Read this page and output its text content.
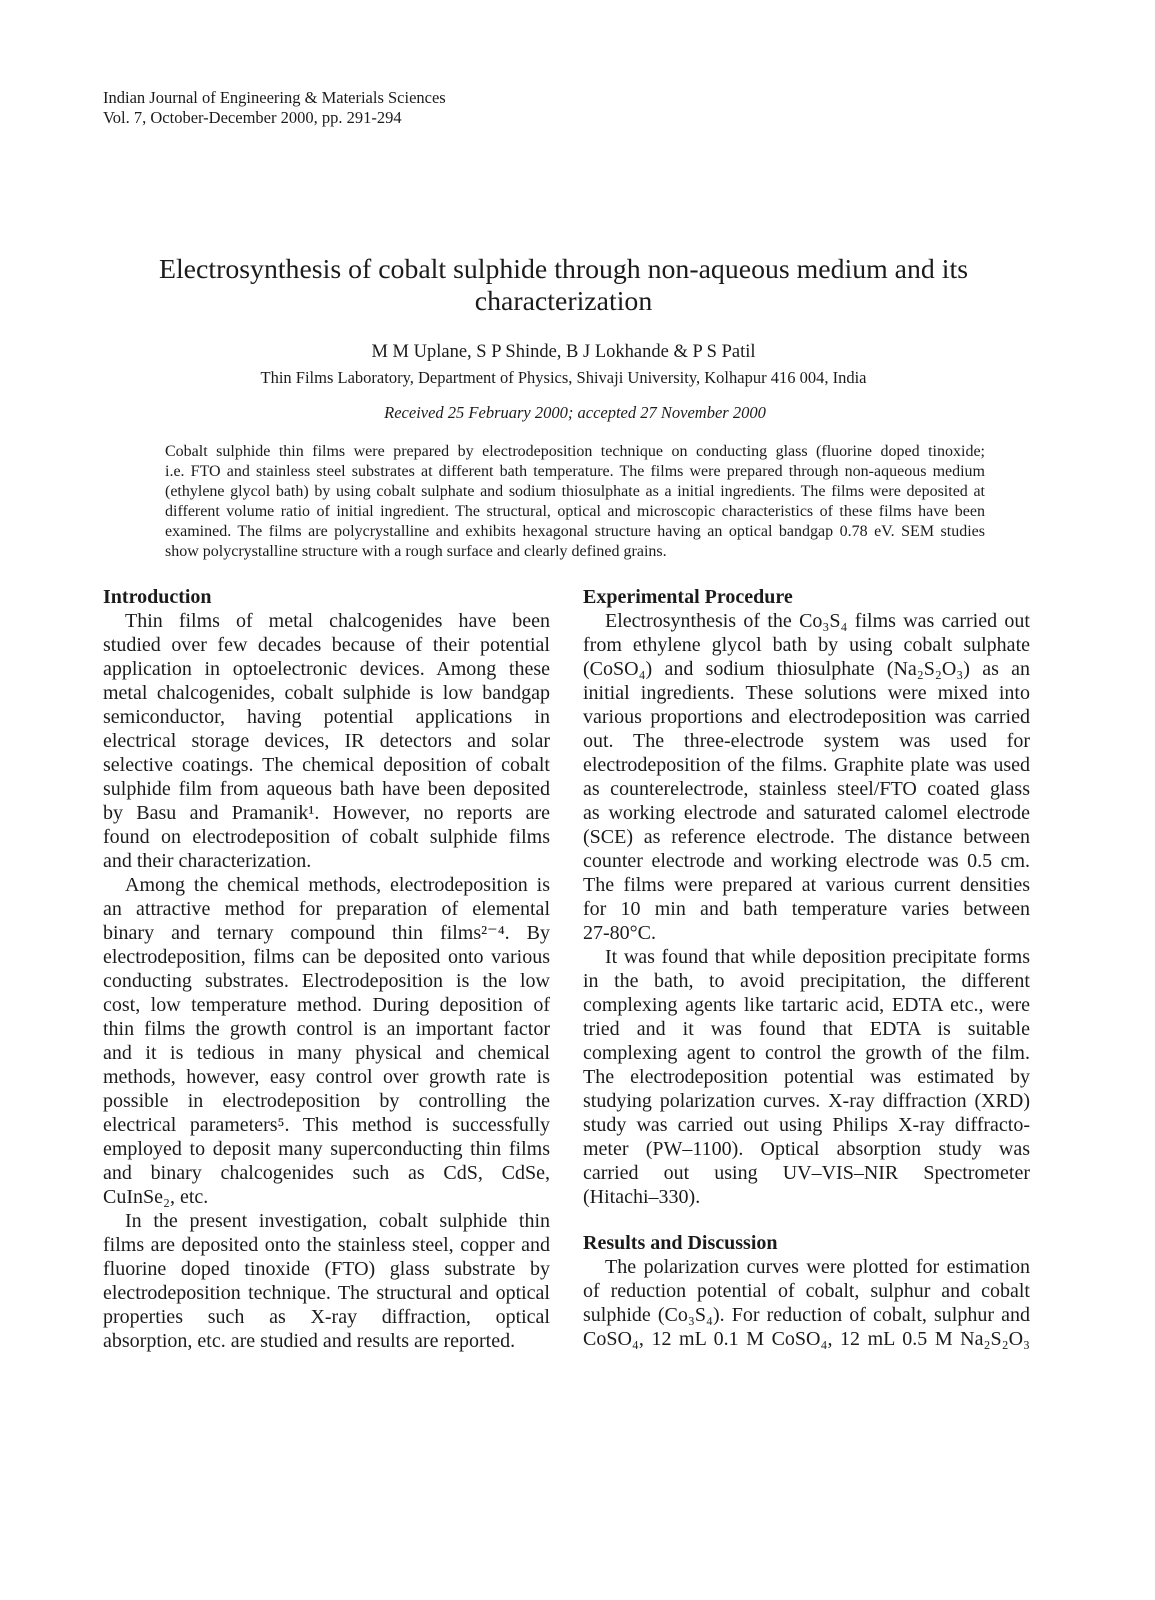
Indian Journal of Engineering & Materials Sciences
Vol. 7, October-December 2000, pp. 291-294
Electrosynthesis of cobalt sulphide through non-aqueous medium and its
characterization
M M Uplane, S P Shinde, B J Lokhande & P S Patil
Thin Films Laboratory, Department of Physics, Shivaji University, Kolhapur 416 004, India
Received 25 February 2000; accepted 27 November 2000
Cobalt sulphide thin films were prepared by electrodeposition technique on conducting glass (fluorine doped tinoxide;
i.e. FTO and stainless steel substrates at different bath temperature. The films were prepared through non-aqueous medium
(ethylene glycol bath) by using cobalt sulphate and sodium thiosulphate as a initial ingredients. The films were deposited at
different volume ratio of initial ingredient. The structural, optical and microscopic characteristics of these films have been
examined. The films are polycrystalline and exhibits hexagonal structure having an optical bandgap 0.78 eV. SEM studies
show polycrystalline structure with a rough surface and clearly defined grains.
Introduction
Thin films of metal chalcogenides have been
studied over few decades because of their potential
application in optoelectronic devices. Among these
metal chalcogenides, cobalt sulphide is low bandgap
semiconductor, having potential applications in
electrical storage devices, IR detectors and solar
selective coatings. The chemical deposition of cobalt
sulphide film from aqueous bath have been deposited
by Basu and Pramanik¹. However, no reports are
found on electrodeposition of cobalt sulphide films
and their characterization.
Among the chemical methods, electrodeposition is
an attractive method for preparation of elemental
binary and ternary compound thin films²⁻⁴. By
electrodeposition, films can be deposited onto various
conducting substrates. Electrodeposition is the low
cost, low temperature method. During deposition of
thin films the growth control is an important factor
and it is tedious in many physical and chemical
methods, however, easy control over growth rate is
possible in electrodeposition by controlling the
electrical parameters⁵. This method is successfully
employed to deposit many superconducting thin films
and binary chalcogenides such as CdS, CdSe,
CuInSe₂, etc.
In the present investigation, cobalt sulphide thin
films are deposited onto the stainless steel, copper and
fluorine doped tinoxide (FTO) glass substrate by
electrodeposition technique. The structural and optical
properties such as X-ray diffraction, optical
absorption, etc. are studied and results are reported.
Experimental Procedure
Electrosynthesis of the Co₃S₄ films was carried out
from ethylene glycol bath by using cobalt sulphate
(CoSO₄) and sodium thiosulphate (Na₂S₂O₃) as an
initial ingredients. These solutions were mixed into
various proportions and electrodeposition was carried
out. The three-electrode system was used for
electrodeposition of the films. Graphite plate was used
as counterelectrode, stainless steel/FTO coated glass
as working electrode and saturated calomel electrode
(SCE) as reference electrode. The distance between
counter electrode and working electrode was 0.5 cm.
The films were prepared at various current densities
for 10 min and bath temperature varies between
27-80°C.
It was found that while deposition precipitate forms
in the bath, to avoid precipitation, the different
complexing agents like tartaric acid, EDTA etc., were
tried and it was found that EDTA is suitable
complexing agent to control the growth of the film.
The electrodeposition potential was estimated by
studying polarization curves. X-ray diffraction (XRD)
study was carried out using Philips X-ray diffracto-
meter (PW–1100). Optical absorption study was
carried out using UV–VIS–NIR Spectrometer
(Hitachi–330).
Results and Discussion
The polarization curves were plotted for estimation
of reduction potential of cobalt, sulphur and cobalt
sulphide (Co₃S₄). For reduction of cobalt, sulphur and
CoSO₄, 12 mL 0.1 M CoSO₄, 12 mL 0.5 M Na₂S₂O₃
